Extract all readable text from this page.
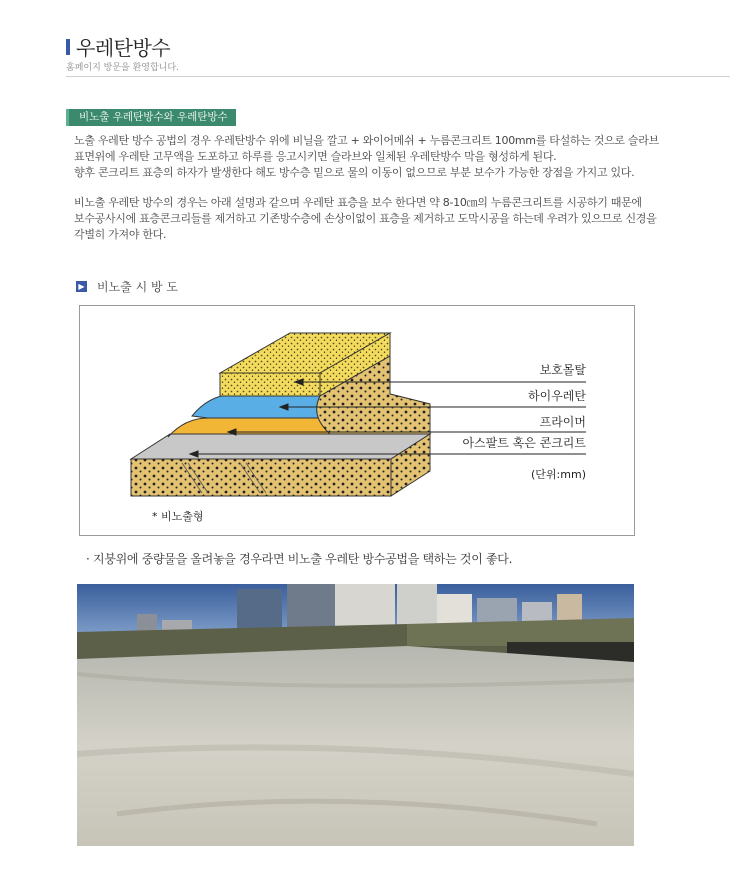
우레탄방수
홈페이지 방문을 환영합니다.
비노출 우레탄방수와 우레탄방수
노출 우레탄 방수 공법의 경우 우레탄방수 위에 비닐을 깔고 + 와이어메쉬 + 누름콘크리트 100mm를 타설하는 것으로 슬라브
표면위에 우레탄 고무액을 도포하고 하루를 응고시키면 슬라브와 일체된 우레탄방수 막을 형성하게 된다.
향후 콘크리트 표층의 하자가 발생한다 해도 방수층 밑으로 물의 이동이 없으므로 부분 보수가 가능한 장점을 가지고 있다.
비노출 우레탄 방수의 경우는 아래 설명과 같으며 우레탄 표층을 보수 한다면 약 8-10㎝의 누름콘크리트를 시공하기 때문에
보수공사시에 표층콘크리들를 제거하고 기존방수층에 손상이없이 표층을 제거하고 도막시공을 하는데 우려가 있으므로 신경을
각별히 가져야 한다.
▶ 비노출 시 방 도
보호몰탈
하이우레탄
프라이머
아스팔트 혹은 콘크리트
(단위:mm)
* 비노출형
· 지붕위에 중량물을 올려놓을 경우라면 비노출 우레탄 방수공법을 택하는 것이 좋다.
